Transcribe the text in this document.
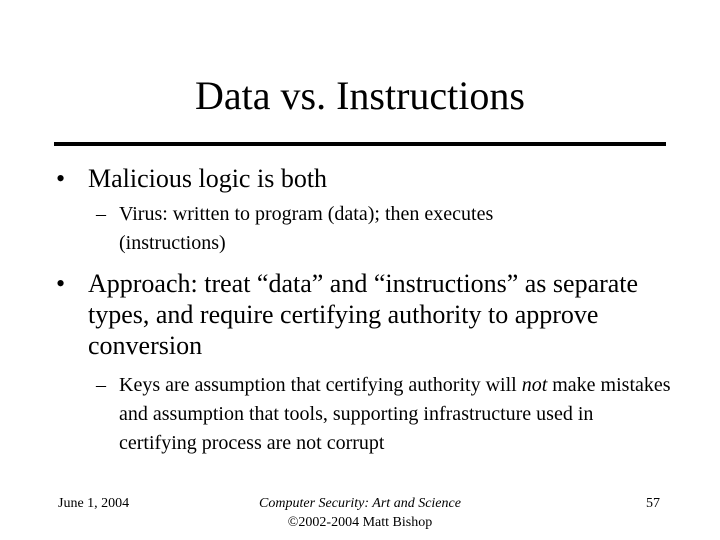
Data vs. Instructions
• Malicious logic is both
– Virus: written to program (data); then executes (instructions)
• Approach: treat “data” and “instructions” as separate types, and require certifying authority to approve conversion
– Keys are assumption that certifying authority will not make mistakes and assumption that tools, supporting infrastructure used in certifying process are not corrupt
June 1, 2004	Computer Security: Art and Science
©2002-2004 Matt Bishop
57
